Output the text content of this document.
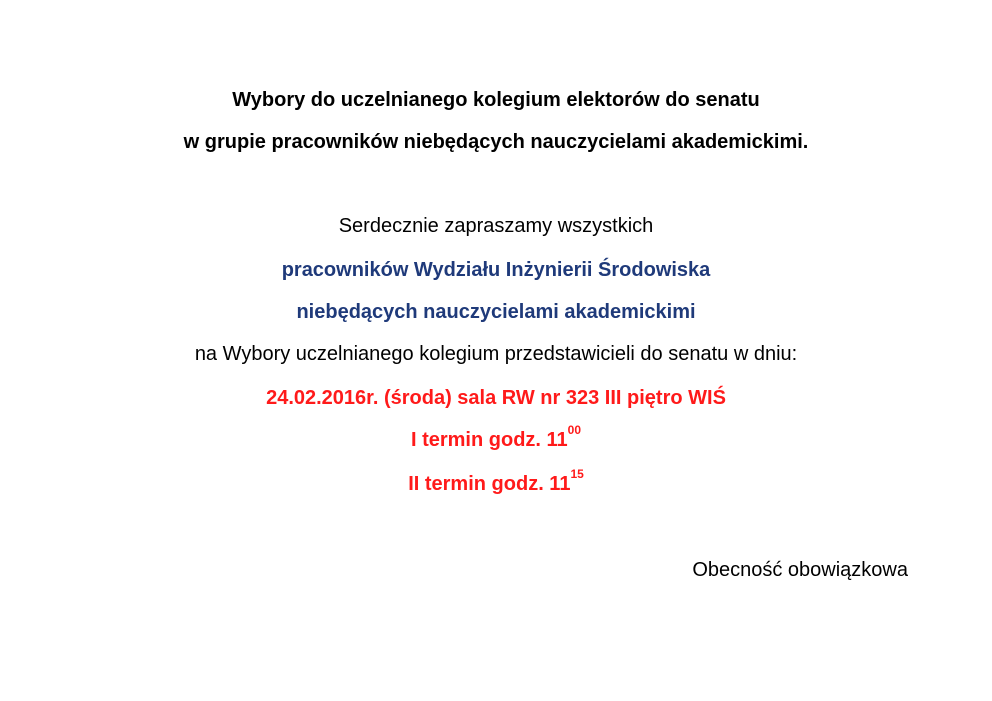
Wybory do uczelnianego kolegium elektorów do senatu
w grupie pracowników niebędących nauczycielami akademickimi.
Serdecznie zapraszamy wszystkich
pracowników Wydziału Inżynierii Środowiska
niebędących nauczycielami akademickimi
na Wybory uczelnianego kolegium przedstawicieli do senatu w dniu:
24.02.2016r. (środa) sala RW nr 323 III piętro WIŚ
I termin godz. $11^{00}$
II termin godz. $11^{15}$
Obecność obowiązkowa
